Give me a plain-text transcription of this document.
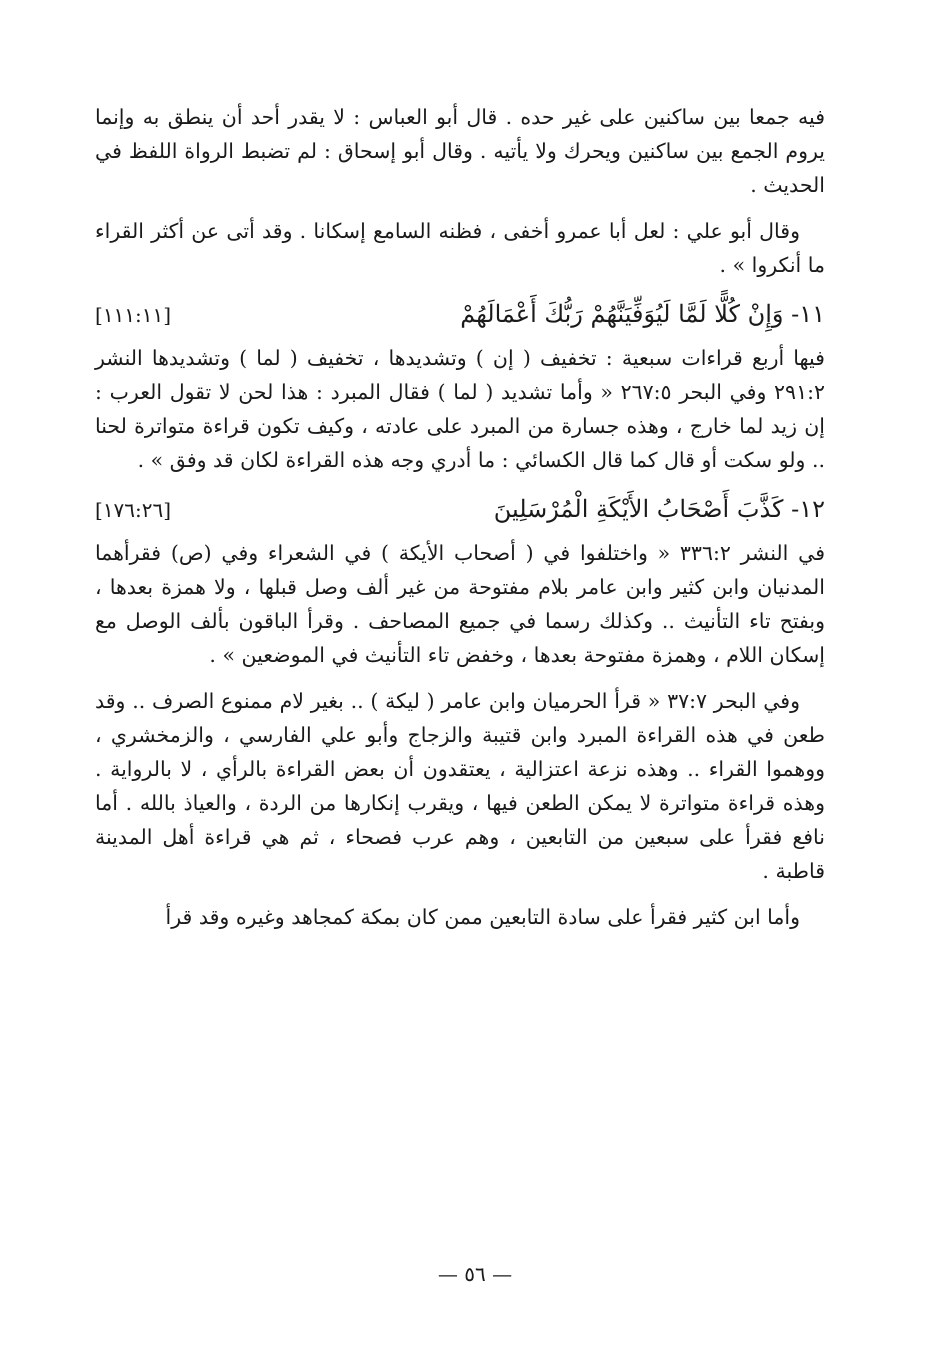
فيه جمعا بين ساكنين على غير حده . قال أبو العباس : لا يقدر أحد أن ينطق به وإنما يروم الجمع بين ساكنين ويحرك ولا يأتيه . وقال أبو إسحاق : لم تضبط الرواة اللفظ في الحديث .

وقال أبو علي : لعل أبا عمرو أخفى ، فظنه السامع إسكانا . وقد أتى عن أكثر القراء ما أنكروا » .

١١- وَإِنْ كُلًّا لَمَّا لَيُوَفِّيَنَّهُمْ رَبُّكَ أَعْمَالَهُمْ
[١١١:١١]

فيها أربع قراءات سبعية : تخفيف ( إن ) وتشديدها ، تخفيف ( لما ) وتشديدها النشر ٢٩١:٢ وفي البحر ٢٦٧:٥ « وأما تشديد ( لما ) فقال المبرد : هذا لحن لا تقول العرب : إن زيد لما خارج ، وهذه جسارة من المبرد على عادته ، وكيف تكون قراءة متواترة لحنا .. ولو سكت أو قال كما قال الكسائي : ما أدري وجه هذه القراءة لكان قد وفق » .

١٢- كَذَّبَ أَصْحَابُ الأَيْكَةِ الْمُرْسَلِينَ
[١٧٦:٢٦]

في النشر ٣٣٦:٢ « واختلفوا في ( أصحاب الأيكة ) في الشعراء وفي (ص) فقرأهما المدنيان وابن كثير وابن عامر بلام مفتوحة من غير ألف وصل قبلها ، ولا همزة بعدها ، وبفتح تاء التأنيث .. وكذلك رسما في جميع المصاحف . وقرأ الباقون بألف الوصل مع إسكان اللام ، وهمزة مفتوحة بعدها ، وخفض تاء التأنيث في الموضعين » .

وفي البحر ٣٧:٧ « قرأ الحرميان وابن عامر ( ليكة ) .. بغير لام ممنوع الصرف .. وقد طعن في هذه القراءة المبرد وابن قتيبة والزجاج وأبو علي الفارسي ، والزمخشري ، ووهموا القراء .. وهذه نزعة اعتزالية ، يعتقدون أن بعض القراءة بالرأي ، لا بالرواية . وهذه قراءة متواترة لا يمكن الطعن فيها ، ويقرب إنكارها من الردة ، والعياذ بالله . أما نافع فقرأ على سبعين من التابعين ، وهم عرب فصحاء ، ثم هي قراءة أهل المدينة قاطبة .

وأما ابن كثير فقرأ على سادة التابعين ممن كان بمكة كمجاهد وغيره وقد قرأ

— ٥٦ —
